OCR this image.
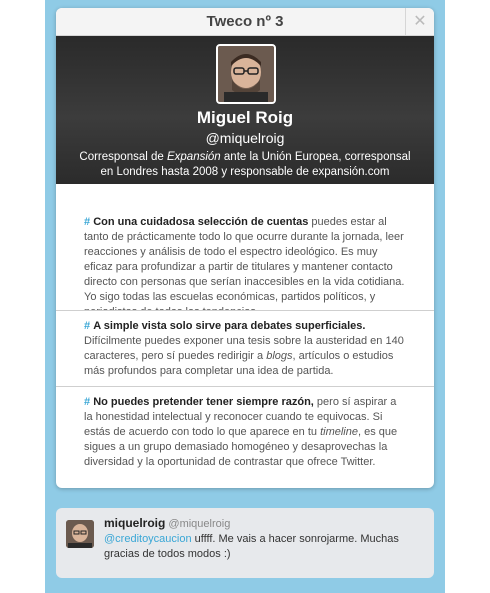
Tweco nº 3	✕
Miguel Roig
@miquelroig
Corresponsal de Expansión ante la Unión Europea, corresponsal en Londres hasta 2008 y responsable de expansión.com
# Con una cuidadosa selección de cuentas puedes estar al tanto de prácticamente todo lo que ocurre durante la jornada, leer reacciones y análisis de todo el espectro ideológico. Es muy eficaz para profundizar a partir de titulares y mantener contacto directo con personas que serían inaccesibles en la vida cotidiana. Yo sigo todas las escuelas económicas, partidos políticos, y
# A simple vista solo sirve para debates superficiales. Difícilmente puedes exponer una tesis sobre la austeridad en 140 caracteres, pero sí puedes redirigir a blogs, artículos o estudios más profundos para completar una idea de partida.
# No puedes pretender tener siempre razón, pero sí aspirar a la honestidad intelectual y reconocer cuando te equivocas. Si estás de acuerdo con todo lo que aparece en tu timeline, es que sigues a un grupo demasiado homogéneo y desaprovechas la diversidad y la oportunidad de contrastar que ofrece Twitter.
miquelroig @miquelroig
@creditoycaucion uffff. Me vais a hacer sonrojarme. Muchas gracias de todos modos :)
